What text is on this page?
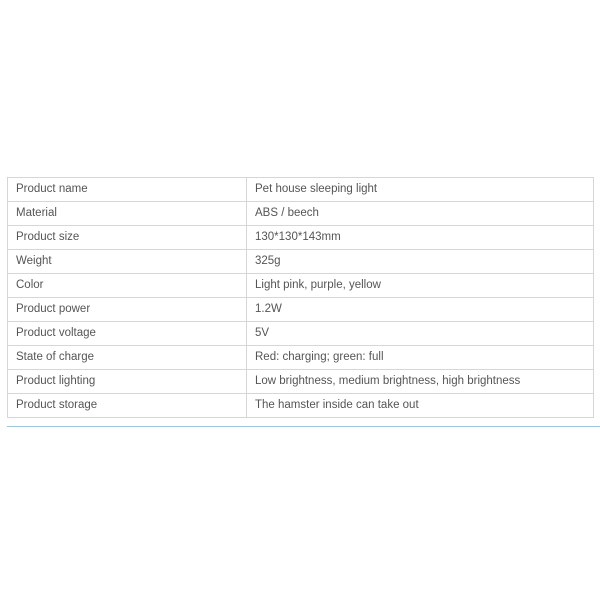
Product name	Pet house sleeping light
Material	ABS / beech
Product size	130*130*143mm
Weight	325g
Color	Light pink, purple, yellow
Product power	1.2W
Product voltage	5V
State of charge	Red: charging; green: full
Product lighting	Low brightness, medium brightness, high brightness
Product storage	The hamster inside can take out
